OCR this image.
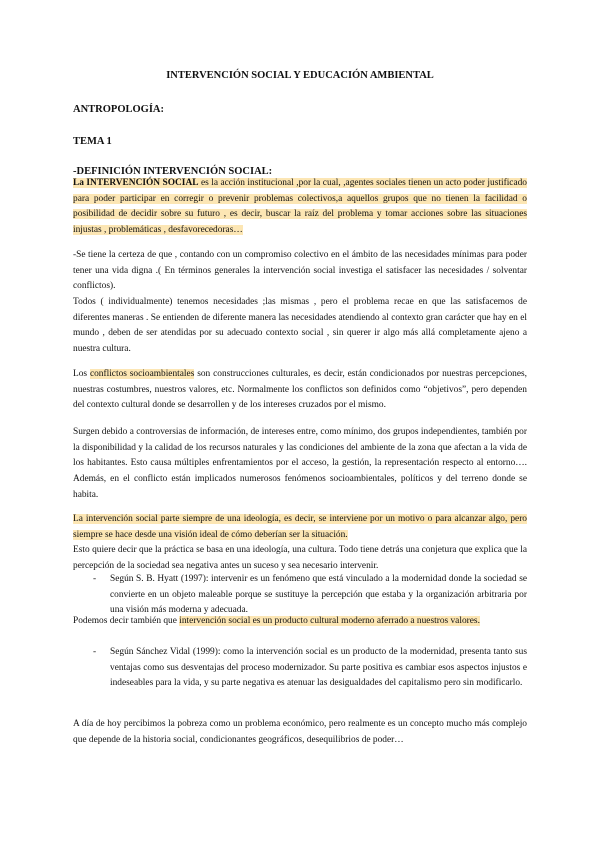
INTERVENCIÓN SOCIAL Y EDUCACIÓN AMBIENTAL
ANTROPOLOGÍA:
TEMA 1
-DEFINICIÓN INTERVENCIÓN SOCIAL:

La INTERVENCIÓN SOCIAL es la acción institucional ,por la cual, ,agentes sociales tienen un acto poder justificado para poder participar en corregir o prevenir problemas colectivos,a aquellos grupos que no tienen la facilidad o posibilidad de decidir sobre su futuro , es decir, buscar la raíz del problema y tomar acciones sobre las situaciones injustas , problemáticas , desfavorecedoras…

-Se tiene la certeza de que , contando con un compromiso colectivo en el ámbito de las necesidades mínimas para poder tener una vida digna .( En términos generales la intervención social investiga el satisfacer las necesidades / solventar conflictos).

Todos ( individualmente) tenemos necesidades ;las mismas , pero el problema recae en que las satisfacemos de diferentes maneras . Se entienden de diferente manera las necesidades atendiendo al contexto gran carácter que hay en el mundo , deben de ser atendidas por su adecuado contexto social , sin querer ir algo más allá completamente ajeno a nuestra cultura.

Los conflictos socioambientales son construcciones culturales, es decir, están condicionados por nuestras percepciones, nuestras costumbres, nuestros valores, etc. Normalmente los conflictos son definidos como “objetivos”, pero dependen del contexto cultural donde se desarrollen y de los intereses cruzados por el mismo.

Surgen debido a controversias de información, de intereses entre, como mínimo, dos grupos independientes, también por la disponibilidad y la calidad de los recursos naturales y las condiciones del ambiente de la zona que afectan a la vida de los habitantes. Esto causa múltiples enfrentamientos por el acceso, la gestión, la representación respecto al entorno…. Además, en el conflicto están implicados numerosos fenómenos socioambientales, políticos y del terreno donde se habita.

La intervención social parte siempre de una ideología, es decir, se interviene por un motivo o para alcanzar algo, pero siempre se hace desde una visión ideal de cómo deberían ser la situación.

Esto quiere decir que la práctica se basa en una ideología, una cultura. Todo tiene detrás una conjetura que explica que la percepción de la sociedad sea negativa antes un suceso y sea necesario intervenir.

- Según S. B. Hyatt (1997): intervenir es un fenómeno que está vinculado a la modernidad donde la sociedad se convierte en un objeto maleable porque se sustituye la percepción que estaba y la organización arbitraria por una visión más moderna y adecuada.

Podemos decir también que intervención social es un producto cultural moderno aferrado a nuestros valores.

- Según Sánchez Vidal (1999): como la intervención social es un producto de la modernidad, presenta tanto sus ventajas como sus desventajas del proceso modernizador. Su parte positiva es cambiar esos aspectos injustos e indeseables para la vida, y su parte negativa es atenuar las desigualdades del capitalismo pero sin modificarlo.

A día de hoy percibimos la pobreza como un problema económico, pero realmente es un concepto mucho más complejo que depende de la historia social, condicionantes geográficos, desequilibrios de poder…
